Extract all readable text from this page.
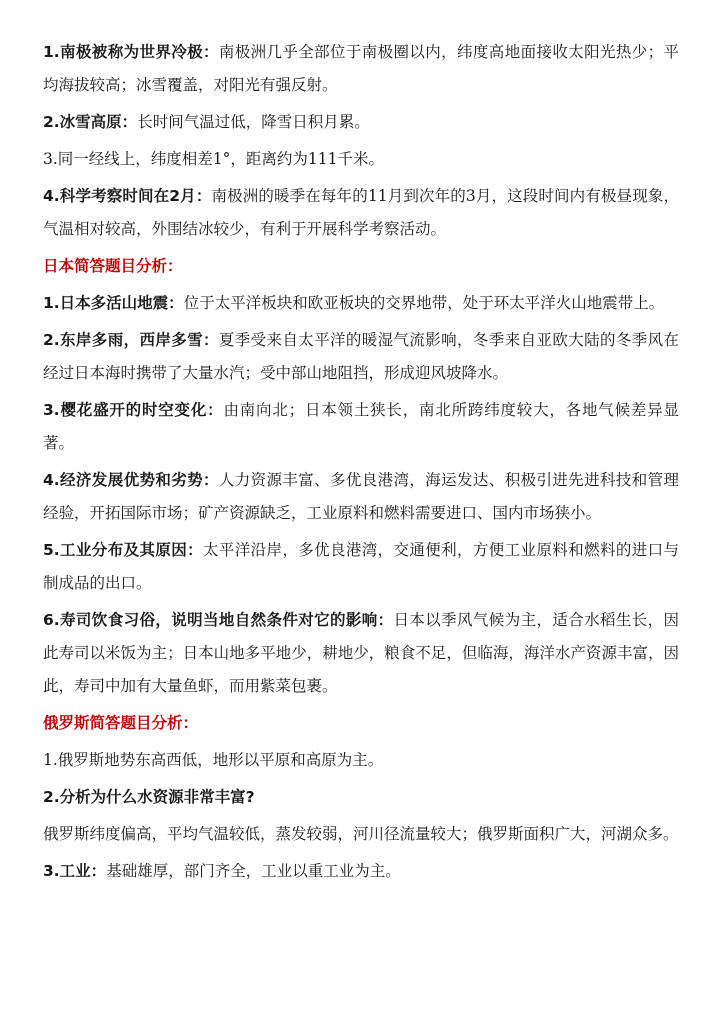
1.南极被称为世界冷极：南极洲几乎全部位于南极圈以内，纬度高地面接收太阳光热少；平均海拔较高；冰雪覆盖，对阳光有强反射。

2.冰雪高原：长时间气温过低，降雪日积月累。

3.同一经线上，纬度相差1°，距离约为111千米。

4.科学考察时间在2月：南极洲的暖季在每年的11月到次年的3月，这段时间内有极昼现象，气温相对较高，外围结冰较少，有利于开展科学考察活动。

日本简答题目分析：

1.日本多活山地震：位于太平洋板块和欧亚板块的交界地带，处于环太平洋火山地震带上。

2.东岸多雨，西岸多雪：夏季受来自太平洋的暖湿气流影响，冬季来自亚欧大陆的冬季风在经过日本海时携带了大量水汽；受中部山地阻挡，形成迎风坡降水。

3.樱花盛开的时空变化：由南向北；日本领土狭长，南北所跨纬度较大，各地气候差异显著。

4.经济发展优势和劣势：人力资源丰富、多优良港湾，海运发达、积极引进先进科技和管理经验，开拓国际市场；矿产资源缺乏，工业原料和燃料需要进口、国内市场狭小。

5.工业分布及其原因：太平洋沿岸，多优良港湾，交通便利，方便工业原料和燃料的进口与制成品的出口。

6.寿司饮食习俗，说明当地自然条件对它的影响：日本以季风气候为主，适合水稻生长，因此寿司以米饭为主；日本山地多平地少，耕地少，粮食不足，但临海，海洋水产资源丰富，因此，寿司中加有大量鱼虾，而用紫菜包裹。

俄罗斯简答题目分析：

1.俄罗斯地势东高西低，地形以平原和高原为主。

2.分析为什么水资源非常丰富?

俄罗斯纬度偏高，平均气温较低，蒸发较弱，河川径流量较大；俄罗斯面积广大，河湖众多。

3.工业：基础雄厚，部门齐全，工业以重工业为主。
